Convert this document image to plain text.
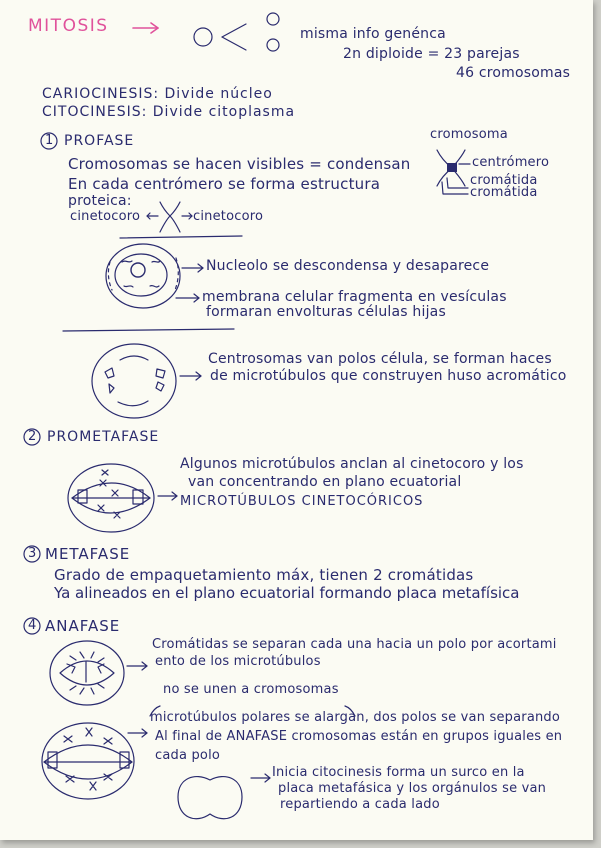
MITOSIS	misma info genénca
2n diploide = 23 parejas
46 cromosomas
CARIOCINESIS: Divide núcleo
CITOCINESIS: Divide citoplasma
1 PROFASE	cromosoma
centrómero
cromátida
cromátida
Cromosomas se hacen visibles = condensan
En cada centrómero se forma estructura
proteica:
cinetocoro	cinetocoro
Nucleolo se descondensa y desaparece
membrana celular fragmenta en vesículas
formaran envolturas células hijas
Centrosomas van polos célula, se forman haces
de microtúbulos que construyen huso acromático
2 PROMETAFASE
Algunos microtúbulos anclan al cinetocoro y los
van concentrando en plano ecuatorial
MICROTÚBULOS CINETOCÓRICOS
3 METAFASE
Grado de empaquetamiento máx, tienen 2 cromátidas
Ya alineados en el plano ecuatorial formando placa metafísica
4 ANAFASE
Cromátidas se separan cada una hacia un polo por acortami
ento de los microtúbulos
no se unen a cromosomas
microtúbulos polares se alargan, dos polos se van separando
Al final de ANAFASE cromosomas están en grupos iguales en
cada polo
Inicia citocinesis forma un surco en la
placa metafásica y los orgánulos se van
repartiendo a cada lado
